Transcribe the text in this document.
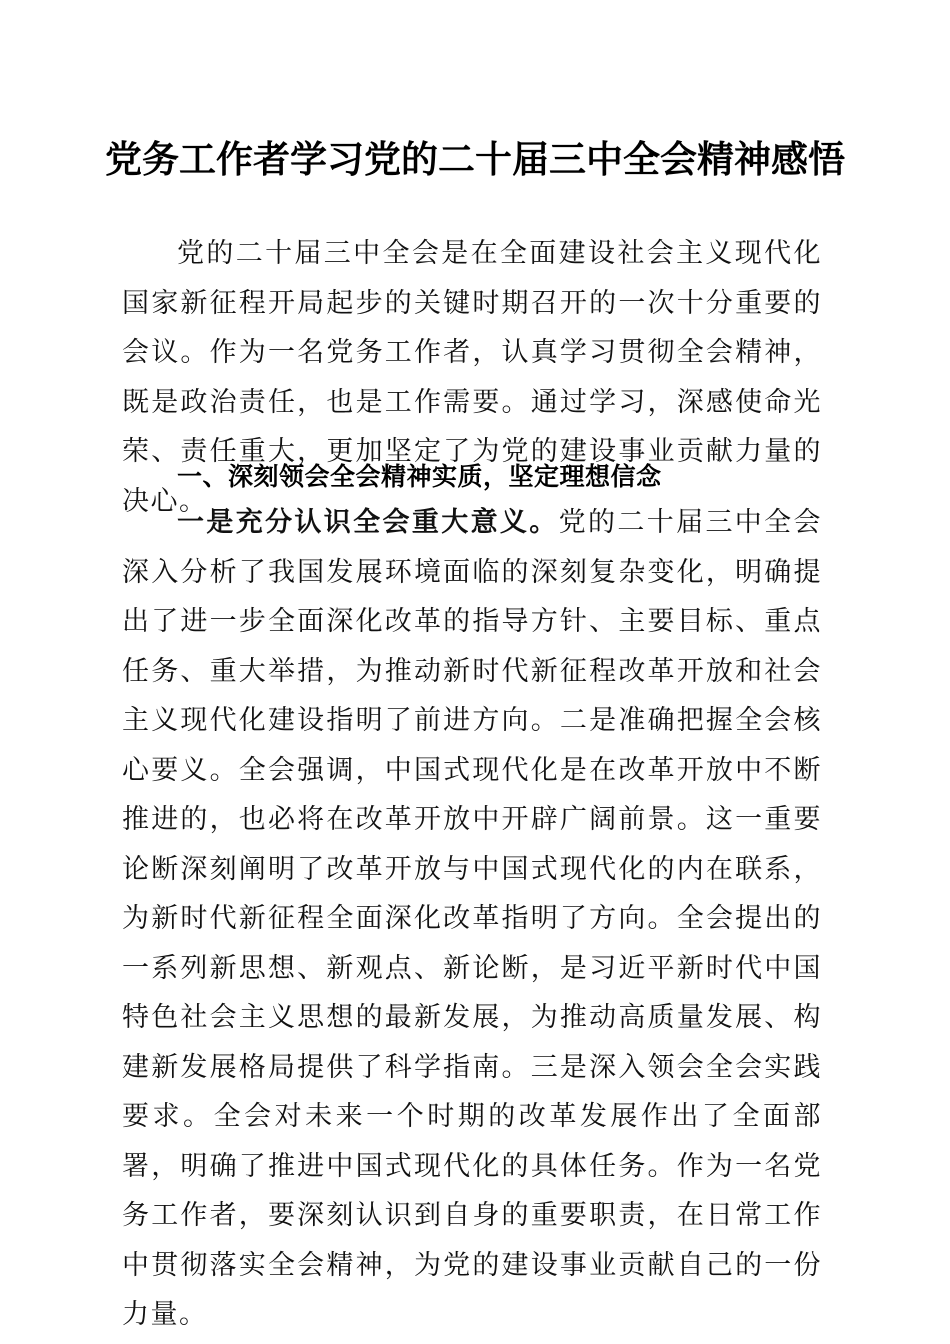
党务工作者学习党的二十届三中全会精神感悟

党的二十届三中全会是在全面建设社会主义现代化国家新征程开局起步的关键时期召开的一次十分重要的会议。作为一名党务工作者，认真学习贯彻全会精神，既是政治责任，也是工作需要。通过学习，深感使命光荣、责任重大，更加坚定了为党的建设事业贡献力量的决心。

一、深刻领会全会精神实质，坚定理想信念

一是充分认识全会重大意义。党的二十届三中全会深入分析了我国发展环境面临的深刻复杂变化，明确提出了进一步全面深化改革的指导方针、主要目标、重点任务、重大举措，为推动新时代新征程改革开放和社会主义现代化建设指明了前进方向。二是准确把握全会核心要义。全会强调，中国式现代化是在改革开放中不断推进的，也必将在改革开放中开辟广阔前景。这一重要论断深刻阐明了改革开放与中国式现代化的内在联系，为新时代新征程全面深化改革指明了方向。全会提出的一系列新思想、新观点、新论断，是习近平新时代中国特色社会主义思想的最新发展，为推动高质量发展、构建新发展格局提供了科学指南。三是深入领会全会实践要求。全会对未来一个时期的改革发展作出了全面部署，明确了推进中国式现代化的具体任务。作为一名党务工作者，要深刻认识到自身的重要职责，在日常工作中贯彻落实全会精神，为党的建设事业贡献自己的一份力量。
